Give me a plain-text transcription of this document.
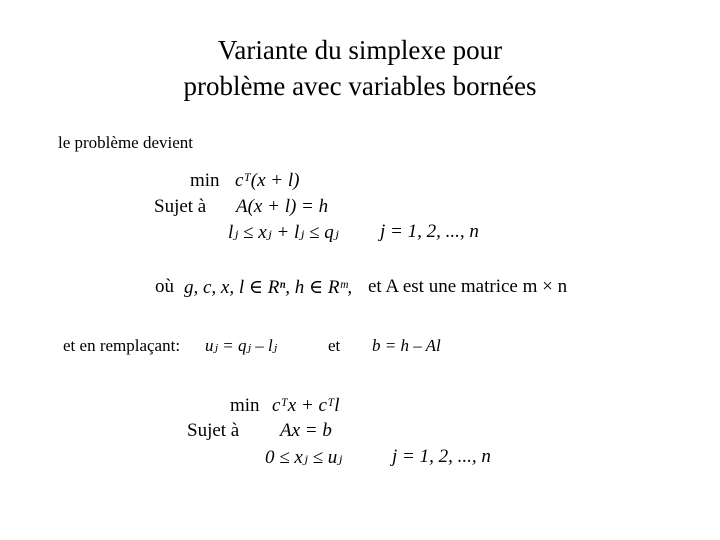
Variante du simplexe pour
problème avec variables bornées
le problème devient
min cᵀ(x + l)
Sujet à A(x + l) = h
lⱼ ≤ xⱼ + lⱼ ≤ qⱼ j = 1, 2, ..., n
où g, c, x, l ∈ Rⁿ, h ∈ Rᵐ, et A est une matrice m × n
et en remplaçant: uⱼ = qⱼ – lⱼ	et b = h – Al
min cᵀx + cᵀl
Sujet à Ax = b
0 ≤ xⱼ ≤ uⱼ	j = 1, 2, ..., n
